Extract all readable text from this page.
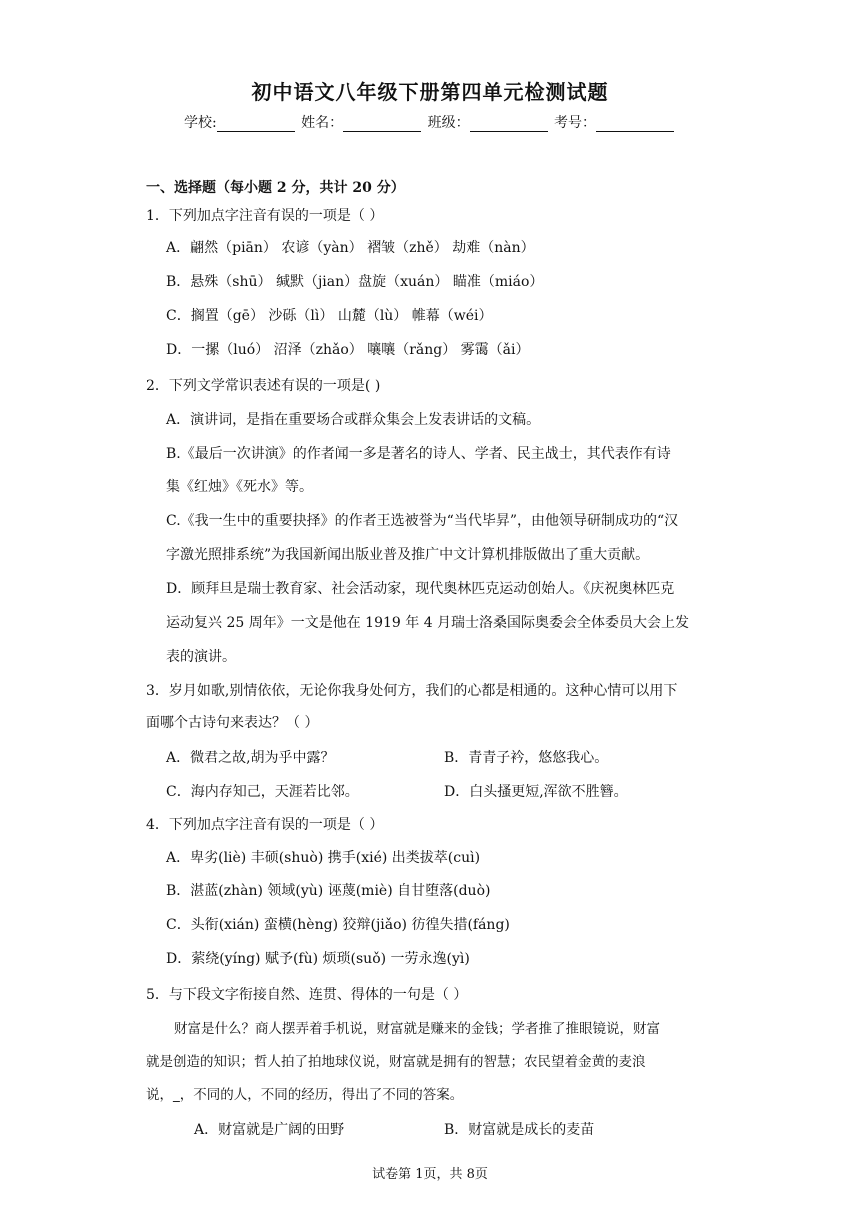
初中语文八年级下册第四单元检测试题
学校:	姓名：	班级：	考号：
一、选择题（每小题 2 分，共计 20 分）
1．下列加点字注音有误的一项是（ ）
A．翩然（piān） 农谚（yàn） 褶皱（zhě） 劫难（nàn）
B．悬殊（shū） 缄默（jian）盘旋（xuán） 瞄准（miáo）
C．搁置（gē） 沙砾（lì） 山麓（lù） 帷幕（wéi）
D．一摞（luó） 沼泽（zhǎo） 嚷嚷（rǎng） 雾霭（ǎi）
2．下列文学常识表述有误的一项是( )
A．演讲词，是指在重要场合或群众集会上发表讲话的文稿。
B.《最后一次讲演》的作者闻一多是著名的诗人、学者、民主战士，其代表作有诗
集《红烛》《死水》等。
C.《我一生中的重要抉择》的作者王选被誉为“当代毕昇”，由他领导研制成功的“汉
字激光照排系统”为我国新闻出版业普及推广中文计算机排版做出了重大贡献。
D．顾拜旦是瑞士教育家、社会活动家，现代奥林匹克运动创始人。《庆祝奥林匹克
运动复兴 25 周年》一文是他在 1919 年 4 月瑞士洛桑国际奥委会全体委员大会上发
表的演讲。
3．岁月如歌,别情依依，无论你我身处何方，我们的心都是相通的。这种心情可以用下
面哪个古诗句来表达？（ ）
A．微君之故,胡为乎中露？	B．青青子衿，悠悠我心。
C．海内存知己，天涯若比邻。	D．白头搔更短,浑欲不胜簪。
4．下列加点字注音有误的一项是（ ）
A．卑劣(liè) 丰硕(shuò) 携手(xié) 出类拔萃(cuì)
B．湛蓝(zhàn) 领域(yù) 诬蔑(miè) 自甘堕落(duò)
C．头衔(xián) 蛮横(hèng) 狡辩(jiǎo) 彷徨失措(fáng)
D．萦绕(yíng) 赋予(fù) 烦琐(suǒ) 一劳永逸(yì)
5．与下段文字衔接自然、连贯、得体的一句是（ ）
财富是什么？商人摆弄着手机说，财富就是赚来的金钱；学者推了推眼镜说，财富
就是创造的知识；哲人拍了拍地球仪说，财富就是拥有的智慧；农民望着金黄的麦浪
说，_，不同的人，不同的经历，得出了不同的答案。
A．财富就是广阔的田野	B．财富就是成长的麦苗
试卷第 1页，共 8页
